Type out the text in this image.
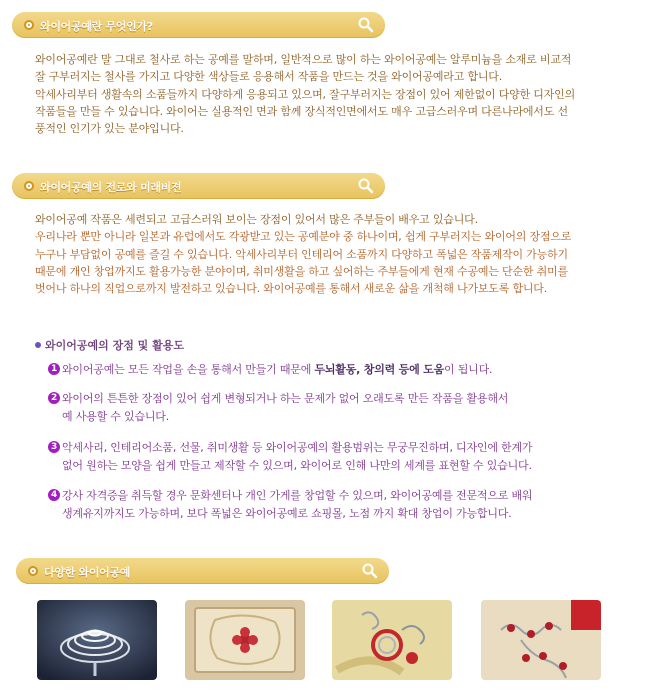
와이어공예란 무엇인가?

와이어공예란 말 그대로 철사로 하는 공예를 말하며, 일반적으로 많이 하는 와이어공예는 알루미늄을 소재로 비교적 잘 구부러지는 철사를 가지고 다양한 색상들로 응용해서 작품을 만드는 것을 와이어공예라고 합니다.

악세사리부터 생활속의 소품들까지 다양하게 응용되고 있으며, 잘구부러지는 장점이 있어 제한없이 다양한 디자인의 작품들을 만들 수 있습니다. 와이어는 실용적인 면과 함께 장식적인면에서도 매우 고급스러우며 다른나라에서도 선풍적인 인기가 있는 분야입니다.

와이어공예의 전로와 미래비젼

와이어공예 작품은 세련되고 고급스러워 보이는 장점이 있어서 많은 주부들이 배우고 있습니다.

우리나라 뿐만 아니라 일본과 유럽에서도 각광받고 있는 공예분야 중 하나이며, 쉽게 구부러지는 와이어의 장점으로 누구나 부담없이 공예를 즐길 수 있습니다. 악세사리부터 인테리어 소품까지 다양하고 폭넓은 작품제작이 가능하기 때문에 개인 창업까지도 활용가능한 분야이며, 취미생활을 하고 싶어하는 주부들에게 현재 수공예는 단순한 취미를 벗어나 하나의 직업으로까지 발전하고 있습니다. 와이어공예를 통해서 새로운 삶을 개척해 나가보도록 합니다.

와이어공예의 장점 및 활용도
1 와이어공예는 모든 작업을 손을 통해서 만들기 때문에 두뇌활동, 창의력 등에 도움이 됩니다.
2 와이어의 튼튼한 장점이 있어 쉽게 변형되거나 하는 문제가 없어 오래도록 만든 작품을 활용해서
예 사용할 수 있습니다.
3 악세사리, 인테리어소품, 선물, 취미생활 등 와이어공예의 활용범위는 무궁무진하며, 디자인에 한계가
없어 원하는 모양을 쉽게 만들고 제작할 수 있으며, 와이어로 인해 나만의 세계를 표현할 수 있습니다.
4 강사 자격증을 취득할 경우 문화센터나 개인 가게를 창업할 수 있으며, 와이어공예를 전문적으로 배워
생계유지까지도 가능하며, 보다 폭넓은 와이어공예로 쇼핑몰, 노점 까지 확대 창업이 가능합니다.
다양한 와이어공예
